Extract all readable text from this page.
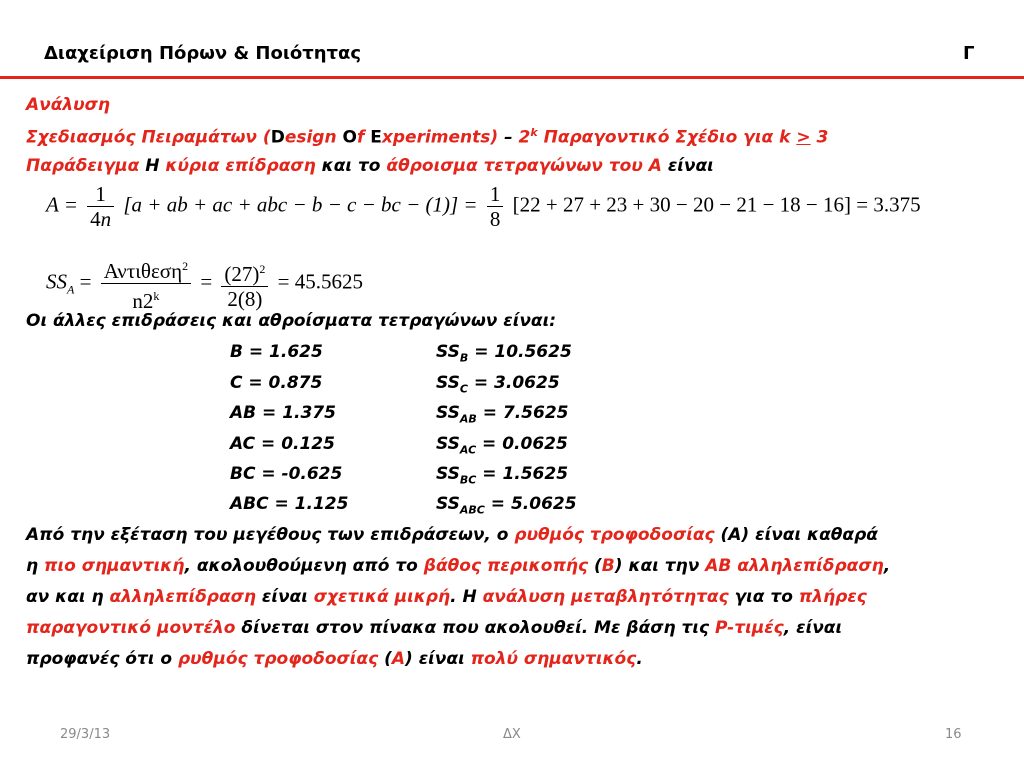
Διαχείριση Πόρων & Ποιότητας	Γ
Ανάλυση
Σχεδιασμός Πειραμάτων (Design Of Experiments) – 2$^k$ Παραγοντικό Σχέδιο για k > 3
Παράδειγμα Η κύρια επίδραση και το άθροισμα τετραγώνων του Α είναι
$A = \frac{1}{4n} [a$ + ab + ac + abc − b − c − bc − $(1)] = \frac{1}{8} [22 + 27 + 23 + 30 - 20 - 21 - 18 - 16] = 3.375$
$SS_A = \frac{A\nu\tau\iota\theta\varepsilon\sigma\eta^2}{n2^k} = \frac{(27)^2}{2(8)} = 45.5625$
Οι άλλες επιδράσεις και αθροίσματα τετραγώνων είναι:
B = 1.625	$SS_B = 10.5625$
C = 0.875	$SS_C = 3.0625$
AB = 1.375	$SS_{AB} = 7.5625$
AC = 0.125	$SS_{AC} = 0.0625$
BC = -0.625	$SS_{BC} = 1.5625$
ABC = 1.125	$SS_{ABC} = 5.0625$
Από την εξέταση του μεγέθους των επιδράσεων, ο ρυθμός τροφοδοσίας (Α) είναι καθαρά
η πιο σημαντική, ακολουθούμενη από το βάθος περικοπής (Β) και την ΑΒ αλληλεπίδραση,
αν και η αλληλεπίδραση είναι σχετικά μικρή. Η ανάλυση μεταβλητότητας για το πλήρες
παραγοντικό μοντέλο δίνεται στον πίνακα που ακολουθεί. Με βάση τις P-τιμές, είναι
προφανές ότι ο ρυθμός τροφοδοσίας (Α) είναι πολύ σημαντικός.
29/3/13	ΔΧ	16
